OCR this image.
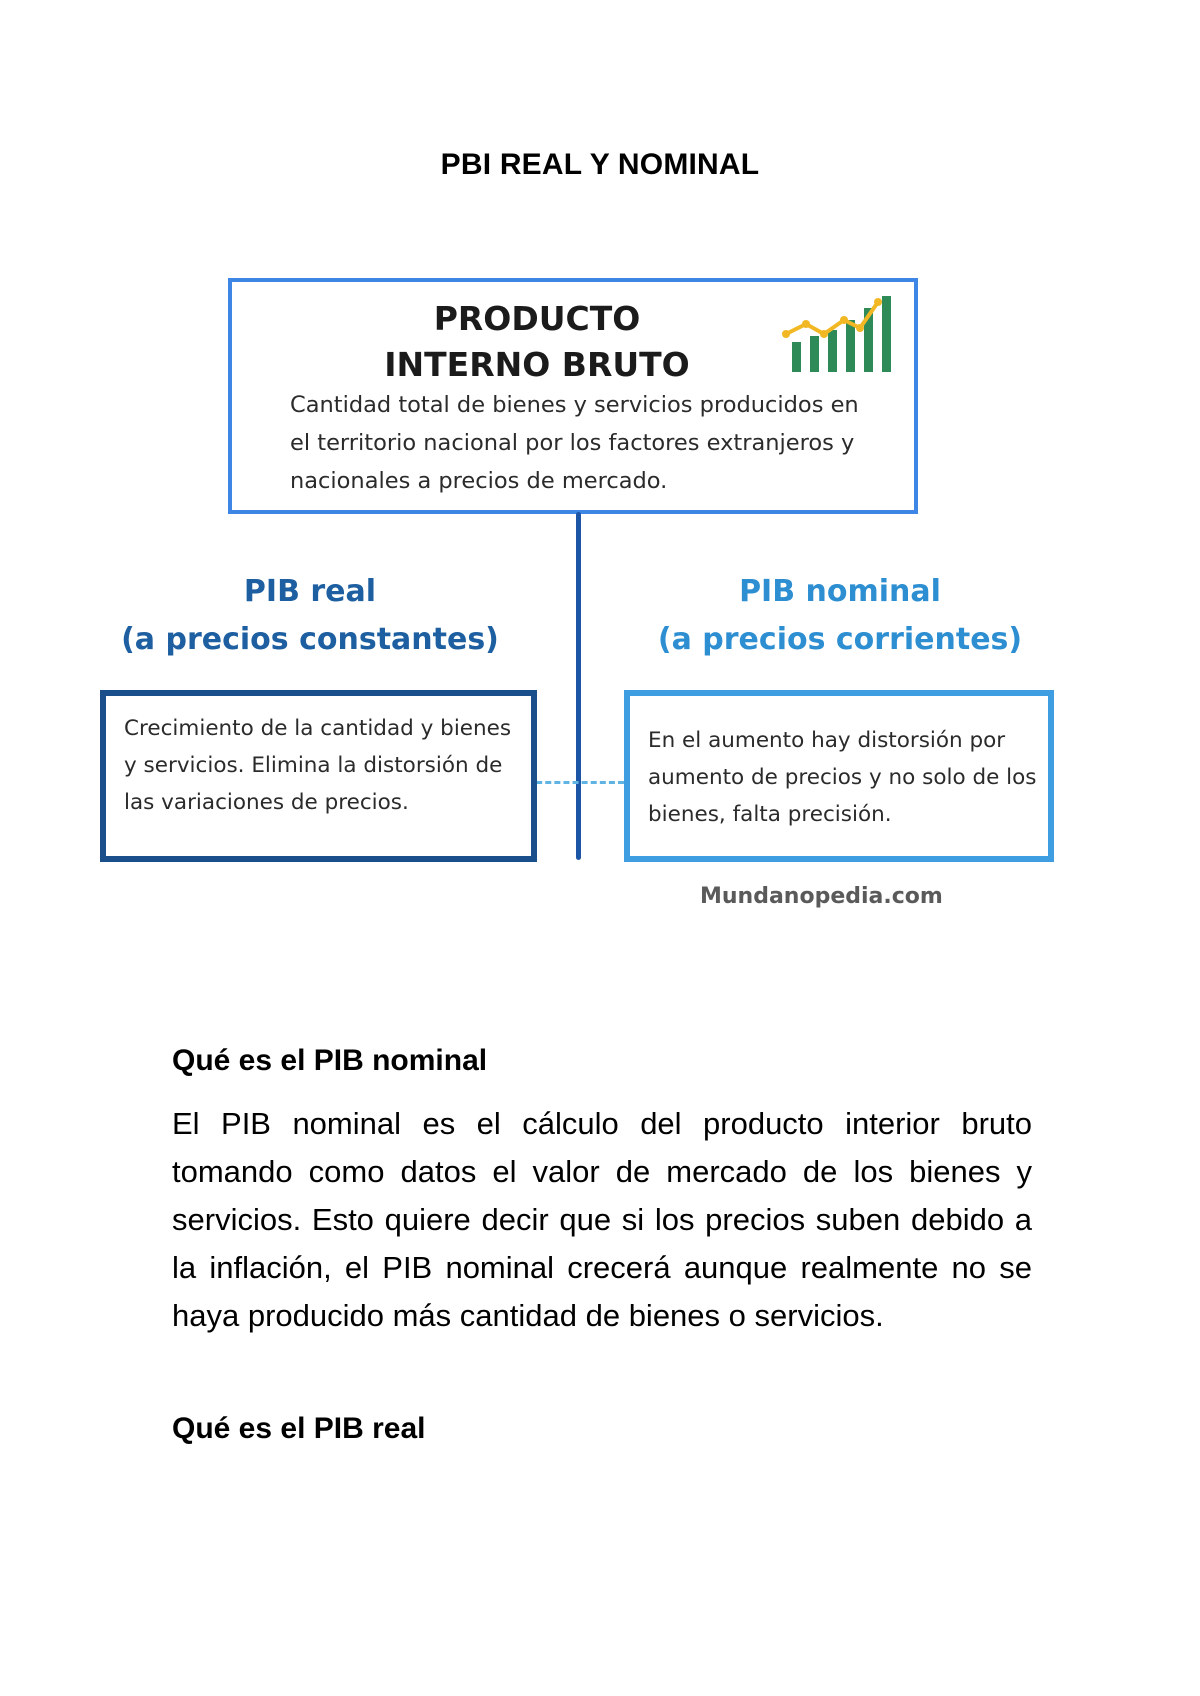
PBI REAL Y NOMINAL
PRODUCTO
INTERNO BRUTO
Cantidad total de bienes y servicios producidos en el territorio nacional por los factores extranjeros y nacionales a precios de mercado.
PIB real
(a precios constantes)
PIB nominal
(a precios corrientes)
Crecimiento de la cantidad y bienes y servicios. Elimina la distorsión de las variaciones de precios.
En el aumento hay distorsión por aumento de precios y no solo de los bienes, falta precisión.
Mundanopedia.com
Qué es el PIB nominal
El PIB nominal es el cálculo del producto interior bruto tomando como datos el valor de mercado de los bienes y servicios. Esto quiere decir que si los precios suben debido a la inflación, el PIB nominal crecerá aunque realmente no se haya producido más cantidad de bienes o servicios.
Qué es el PIB real
